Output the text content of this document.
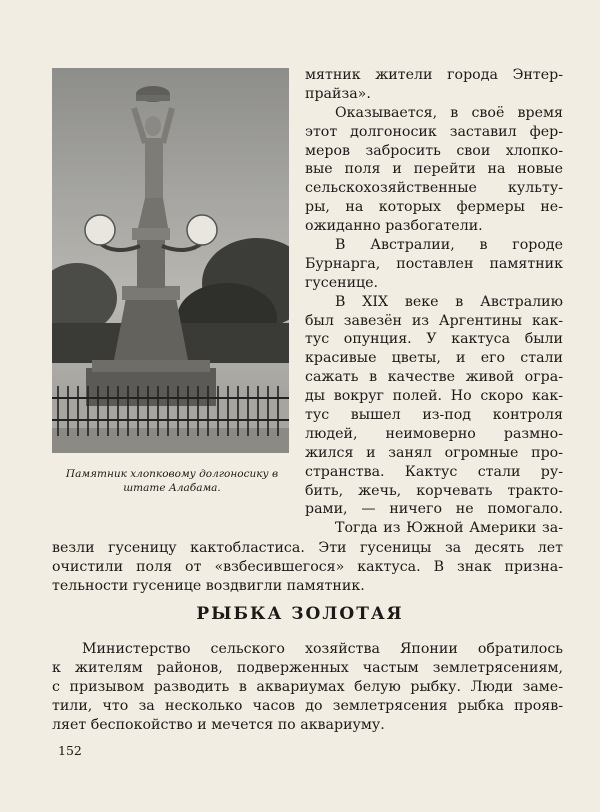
Памятник хлопковому долгоносику в
штате Алабама.
мятник жители города Энтер-
прайза».
Оказывается, в своё время
этот долгоносик заставил фер-
меров забросить свои хлопко-
вые поля и перейти на новые
сельскохозяйственные культу-
ры, на которых фермеры не-
ожиданно разбогатели.
В Австралии, в городе
Бурнарга, поставлен памятник
гусенице.
В XIX веке в Австралию
был завезён из Аргентины как-
тус опунция. У кактуса были
красивые цветы, и его стали
сажать в качестве живой огра-
ды вокруг полей. Но скоро как-
тус вышел из-под контроля
людей, неимоверно размно-
жился и занял огромные про-
странства. Кактус стали ру-
бить, жечь, корчевать тракто-
рами, — ничего не помогало.
Тогда из Южной Америки за-
везли гусеницу кактобластиса. Эти гусеницы за десять лет
очистили поля от «взбесившегося» кактуса. В знак призна-
тельности гусенице воздвигли памятник.
РЫБКА ЗОЛОТАЯ
Министерство сельского хозяйства Японии обратилось
к жителям районов, подверженных частым землетрясениям,
с призывом разводить в аквариумах белую рыбку. Люди заме-
тили, что за несколько часов до землетрясения рыбка прояв-
ляет беспокойство и мечется по аквариуму.
152
